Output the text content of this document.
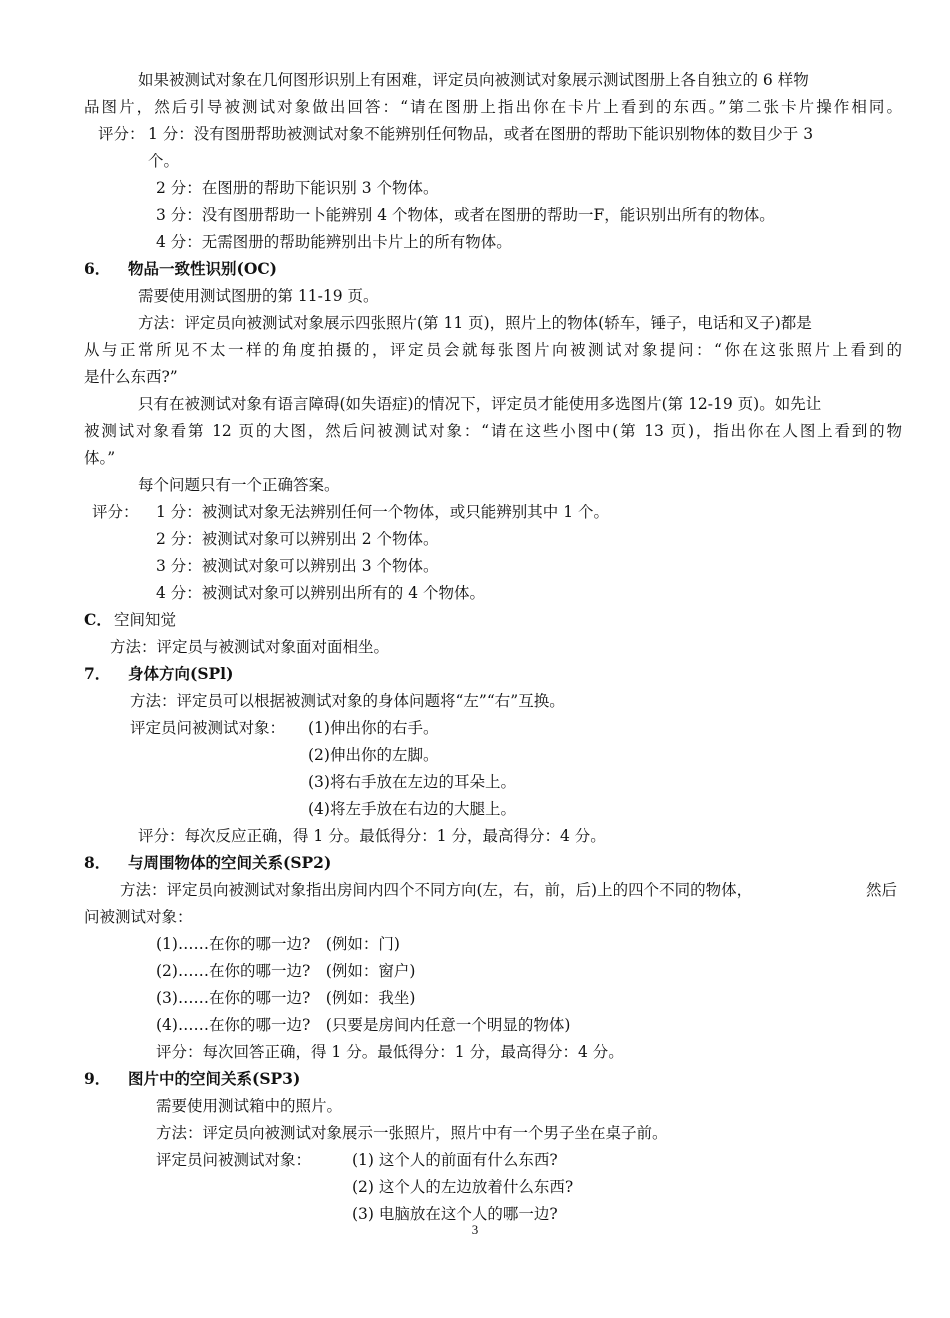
如果被测试对象在几何图形识别上有困难，评定员向被测试对象展示测试图册上各自独立的 6 样物
品图片，然后引导被测试对象做出回答：“请在图册上指出你在卡片上看到的东西。”第二张卡片操作相同。
评分： 1 分：没有图册帮助被测试对象不能辨别任何物品，或者在图册的帮助下能识别物体的数目少于 3
个。
2 分：在图册的帮助下能识别 3 个物体。
3 分：没有图册帮助一卜能辨别 4 个物体，或者在图册的帮助一F，能识别出所有的物体。
4 分：无需图册的帮助能辨别出卡片上的所有物体。
6． 物品一致性识别(OC)
需要使用测试图册的第 11-19 页。
方法：评定员向被测试对象展示四张照片(第 11 页)，照片上的物体(轿车，锤子，电话和叉子)都是
从与正常所见不太一样的角度拍摄的，评定员会就每张图片向被测试对象提问：“你在这张照片上看到的
是什么东西?”
只有在被测试对象有语言障碍(如失语症)的情况下，评定员才能使用多选图片(第 12-19 页)。如先让
被测试对象看第 12 页的大图，然后问被测试对象：“请在这些小图中(第 13 页)，指出你在人图上看到的物
体。”
每个问题只有一个正确答案。
评分： 1 分：被测试对象无法辨别任何一个物体，或只能辨别其中 1 个。
2 分：被测试对象可以辨别出 2 个物体。
3 分：被测试对象可以辨别出 3 个物体。
4 分：被测试对象可以辨别出所有的 4 个物体。
C． 空间知觉
方法：评定员与被测试对象面对面相坐。
7． 身体方向(SPl)
方法：评定员可以根据被测试对象的身体问题将“左”“右”互换。
评定员问被测试对象： (1)伸出你的右手。
(2)伸出你的左脚。
(3)将右手放在左边的耳朵上。
(4)将左手放在右边的大腿上。
评分：每次反应正确，得 1 分。最低得分：1 分，最高得分：4 分。
8． 与周围物体的空间关系(SP2)
方法：评定员向被测试对象指出房间内四个不同方向(左，右，前，后)上的四个不同的物体，	然后
问被测试对象：
(1)……在你的哪一边?　(例如：门)
(2)……在你的哪一边?　(例如：窗户)
(3)……在你的哪一边?　(例如：我坐)
(4)……在你的哪一边?　(只要是房间内任意一个明显的物体)
评分：每次回答正确，得 1 分。最低得分：1 分，最高得分：4 分。
9． 图片中的空间关系(SP3)
需要使用测试箱中的照片。
方法：评定员向被测试对象展示一张照片，照片中有一个男子坐在桌子前。
评定员问被测试对象：	(1) 这个人的前面有什么东西?
(2) 这个人的左边放着什么东西?
(3) 电脑放在这个人的哪一边?
3
